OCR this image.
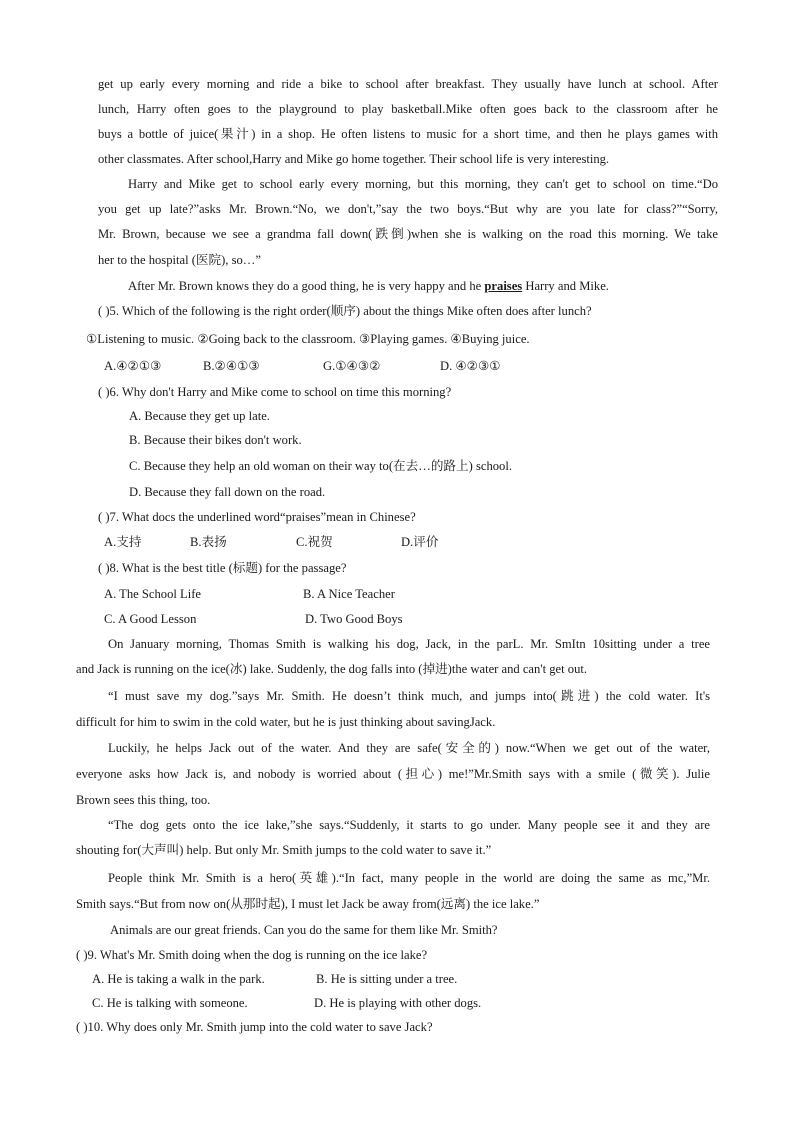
get up early every morning and ride a bike to school after breakfast. They usually have lunch at school. After
lunch, Harry often goes to the playground to play basketball.Mike often goes back to the classroom after he
buys a bottle of juice(果汁) in a shop. He often listens to music for a short time, and then he plays games with
other classmates. After school,Harry and Mike go home together. Their school life is very interesting.
Harry and Mike get to school early every morning, but this morning, they can't get to school on time.“Do
you get up late?”asks Mr. Brown.“No, we don't,”say the two boys.“But why are you late for class?”“Sorry,
Mr. Brown, because we see a grandma fall down(跌倒)when she is walking on the road this morning. We take
her to the hospital (医院), so…”
After Mr. Brown knows they do a good thing, he is very happy and he praises Harry and Mike.
( )5. Which of the following is the right order(顺序) about the things Mike often does after lunch?
①Listening to music. ②Going back to the classroom. ③Playing games. ④Buying juice.
A.④②①③	B.②④①③	G.①④③②	D. ④②③①
( )6. Why don't Harry and Mike come to school on time this morning?
A. Because they get up late.
B. Because their bikes don't work.
C. Because they help an old woman on their way to(在去…的路上) school.
D. Because they fall down on the road.
( )7. What docs the underlined word“praises”mean in Chinese?
A.支持	B.表扬	C.祝贺	D.评价
( )8. What is the best title (标题) for the passage?
A. The School Life	B. A Nice Teacher
C. A Good Lesson	D. Two Good Boys
On January morning, Thomas Smith is walking his dog, Jack, in the parL. Mr. SmItn 10sitting under a tree
and Jack is running on the ice(冰) lake. Suddenly, the dog falls into (掉进)the water and can't get out.
“I must save my dog.”says Mr. Smith. He doesn’t think much, and jumps into(跳进) the cold water. It's
difficult for him to swim in the cold water, but he is just thinking about savingJack.
Luckily, he helps Jack out of the water. And they are safe(安全的) now.“When we get out of the water,
everyone asks how Jack is, and nobody is worried about (担心) me!”Mr.Smith says with a smile (微笑). Julie
Brown sees this thing, too.
“The dog gets onto the ice lake,”she says.“Suddenly, it starts to go under. Many people see it and they are
shouting for(大声叫) help. But only Mr. Smith jumps to the cold water to save it.”
People think Mr. Smith is a hero(英雄).“In fact, many people in the world are doing the same as mc,”Mr.
Smith says.“But from now on(从那时起), I must let Jack be away from(远离) the ice lake.”
Animals are our great friends. Can you do the same for them like Mr. Smith?
( )9. What's Mr. Smith doing when the dog is running on the ice lake?
A. He is taking a walk in the park.	B. He is sitting under a tree.
C. He is talking with someone.	D. He is playing with other dogs.
( )10. Why does only Mr. Smith jump into the cold water to save Jack?
